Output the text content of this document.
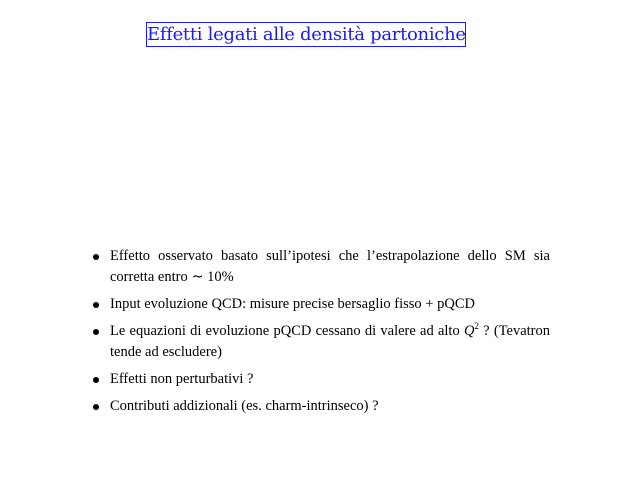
Effetti legati alle densità partoniche
Effetto osservato basato sull’ipotesi che l’estrapolazione dello SM sia corretta entro ∼ 10%
Input evoluzione QCD: misure precise bersaglio fisso + pQCD
Le equazioni di evoluzione pQCD cessano di valere ad alto $Q^2$ ? (Tevatron tende ad escludere)
Effetti non perturbativi ?
Contributi addizionali (es. charm-intrinseco) ?
